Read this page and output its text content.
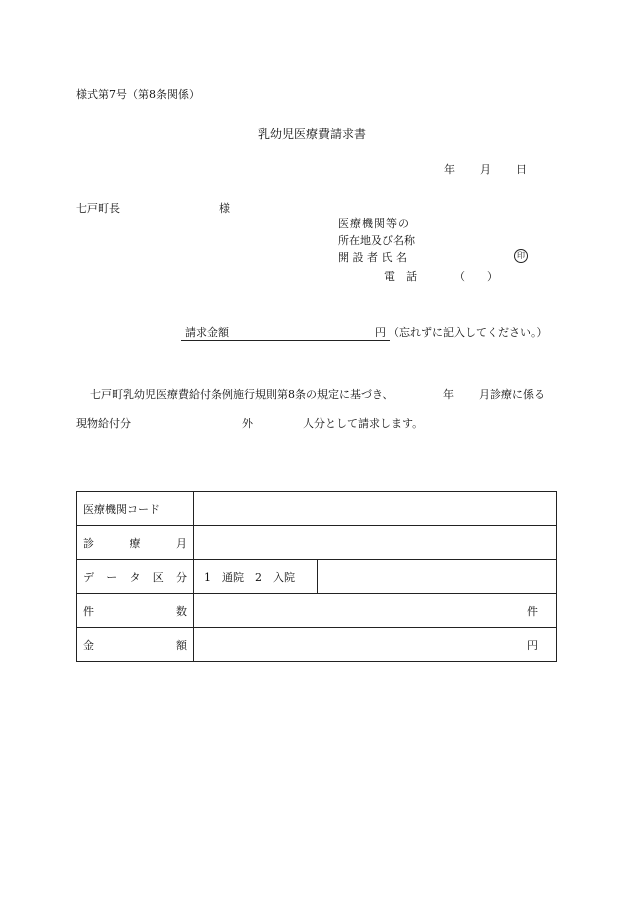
様式第7号（第8条関係）
乳幼児医療費請求書
年 月 日
七戸町長	様
医療機関等の
所在地及び名称
開 設 者 氏 名	印
電　話	（　　）
請求金額	円 （忘れずに記入してください。）
七戸町乳幼児医療費給付条例施行規則第8条の規定に基づき、	年 月診療に係る
現物給付分	外	人分として請求します。
医療機関コード	

診 療 月	

デ ー タ 区 分	1　通院　2　入院

件 数	件

金 額	円
